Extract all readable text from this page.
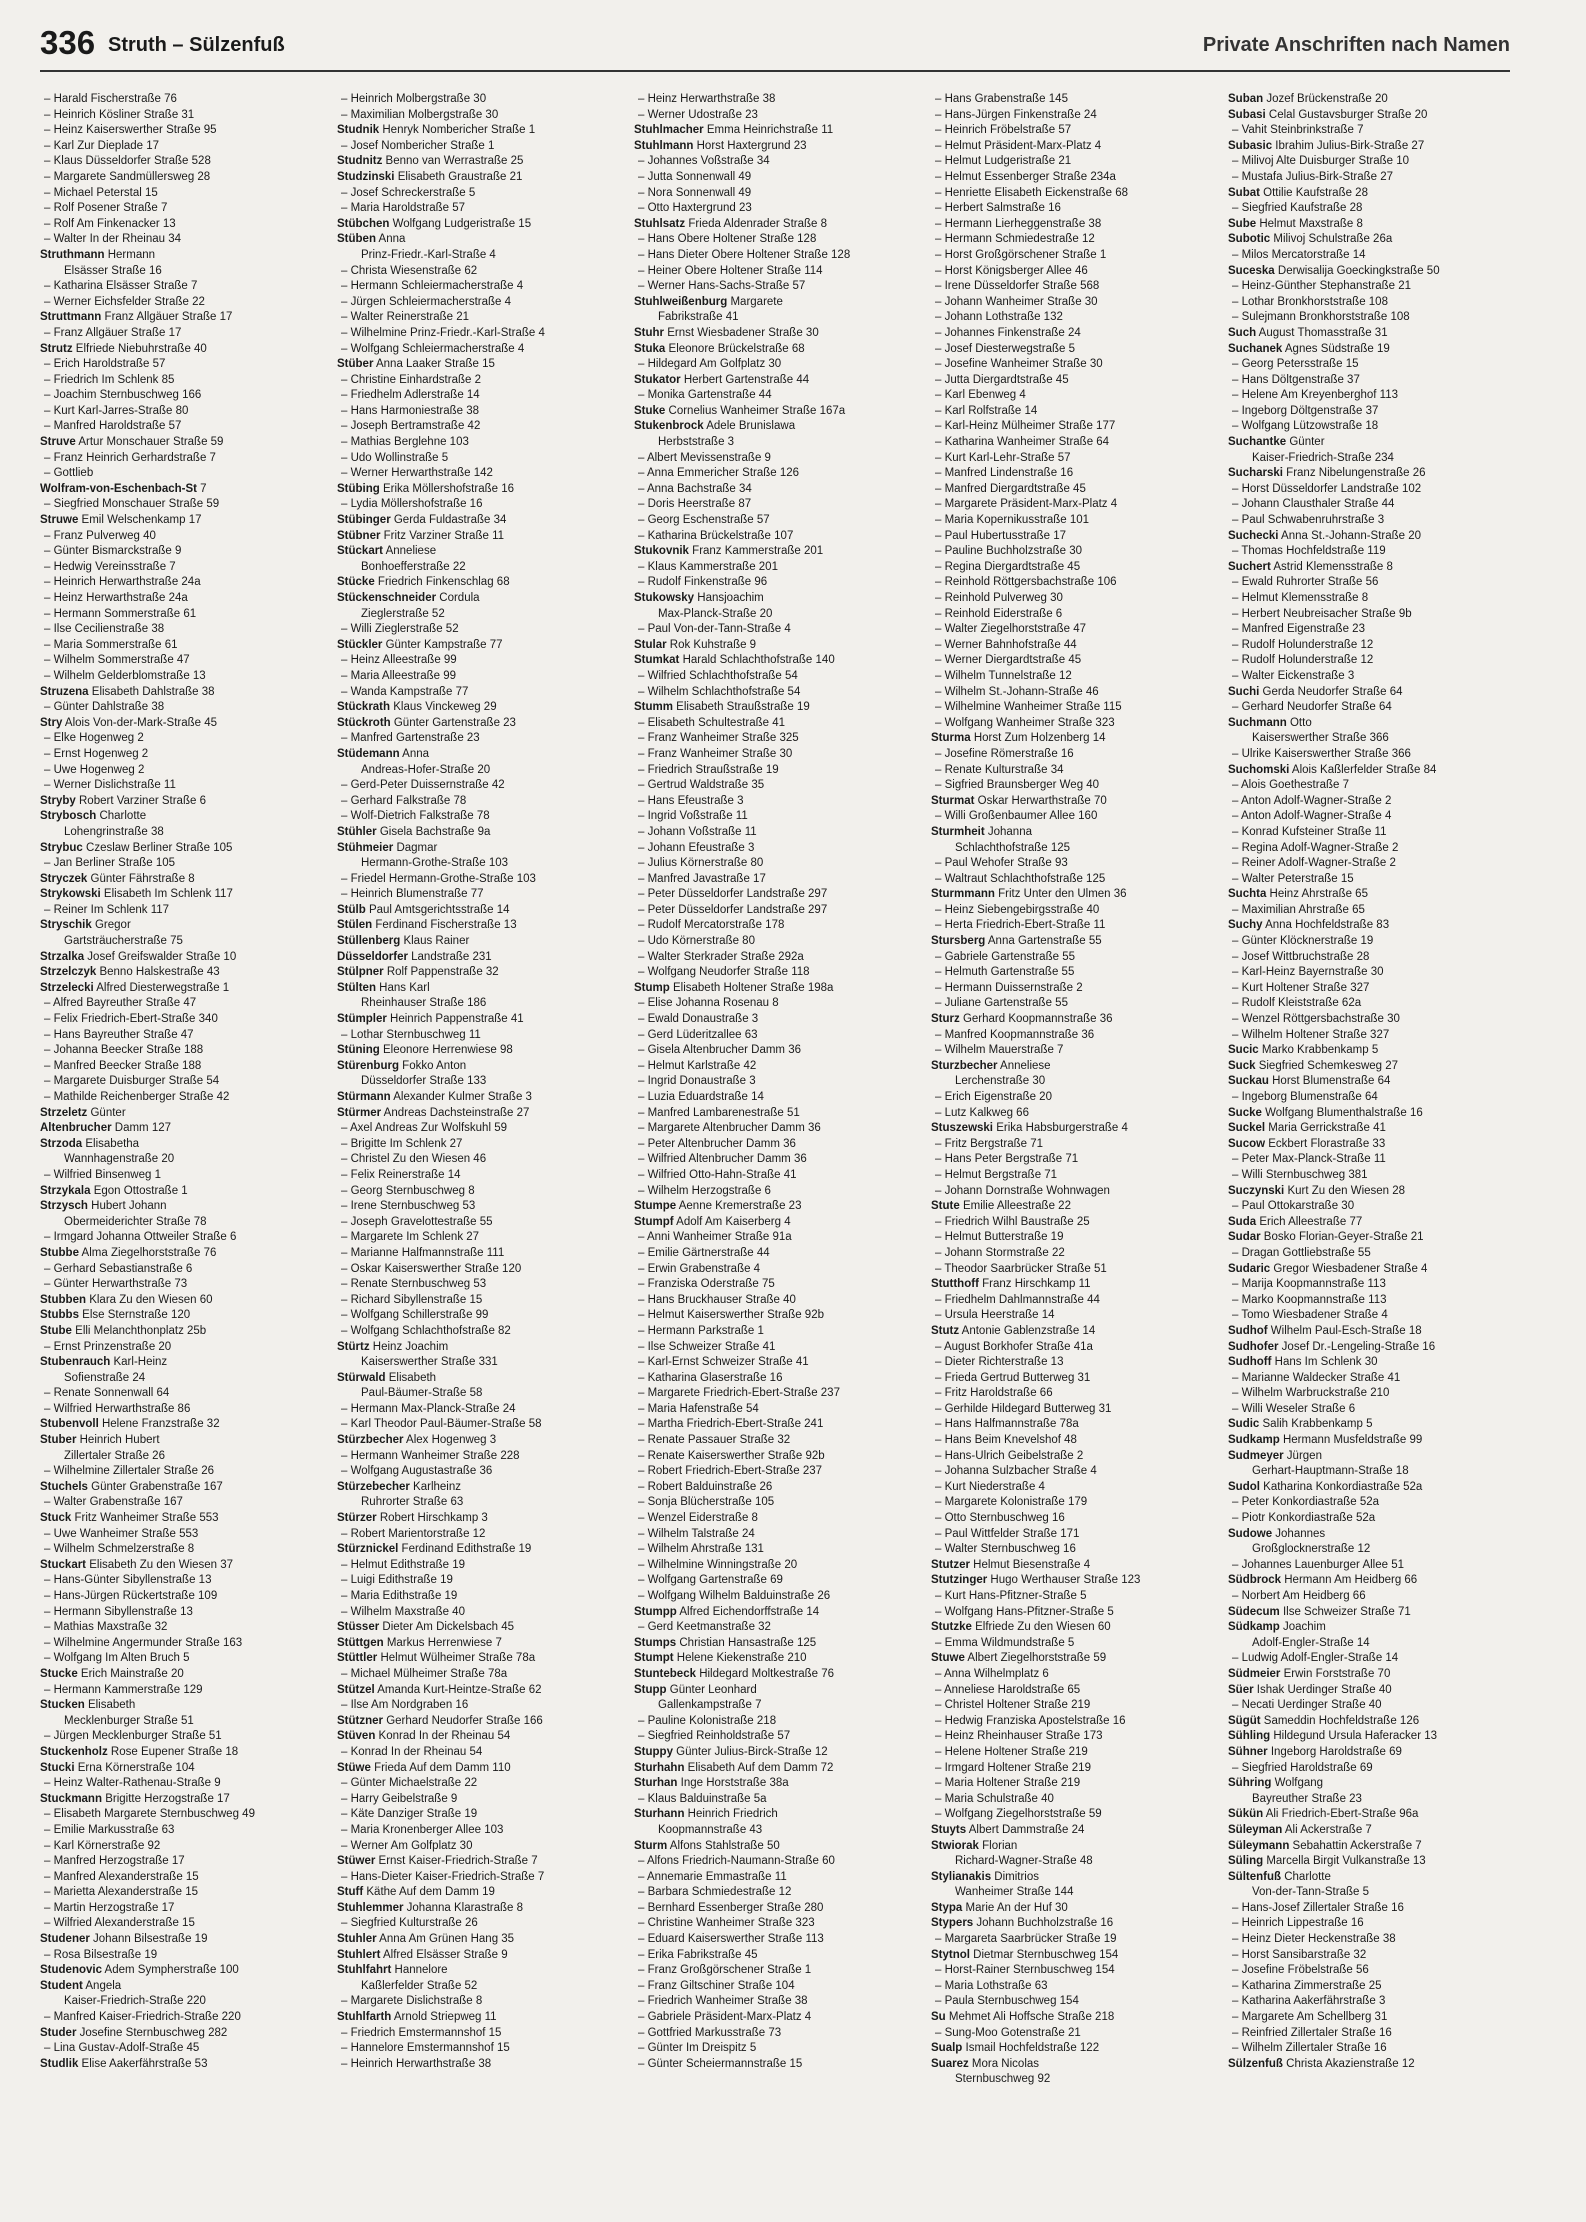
336 Struth – Sülzenfuß	Private Anschriften nach Namen
– Harald Fischerstraße 76
– Heinrich Kösliner Straße 31
– Heinz Kaiserswerther Straße 95
– Karl Zur Dieplade 17
– Klaus Düsseldorfer Straße 528
– Margarete Sandmüllersweg 28
– Michael Peterstal 15
– Rolf Posener Straße 7
– Rolf Am Finkenacker 13
– Walter In der Rheinau 34
Struthmann Hermann
Elsässer Straße 16
– Katharina Elsässer Straße 7
– Werner Eichsfelder Straße 22
Struttmann Franz Allgäuer Straße 17
– Franz Allgäuer Straße 17
Strutz Elfriede Niebuhrstraße 40
– Erich Haroldstraße 57
– Friedrich Im Schlenk 85
– Joachim Sternbuschweg 166
– Kurt Karl-Jarres-Straße 80
– Manfred Haroldstraße 57
Struve Artur Monschauer Straße 59
– Franz Heinrich Gerhardstraße 7
– Gottlieb
Wolfram-von-Eschenbach-St 7
– Siegfried Monschauer Straße 59
Struwe Emil Welschenkamp 17
– Franz Pulverweg 40
– Günter Bismarckstraße 9
– Hedwig Vereinsstraße 7
– Heinrich Herwarthstraße 24a
– Heinz Herwarthstraße 24a
– Hermann Sommerstraße 61
– Ilse Cecilienstraße 38
– Maria Sommerstraße 61
– Wilhelm Sommerstraße 47
– Wilhelm Gelderblomstraße 13
Struzena Elisabeth Dahlstraße 38
– Günter Dahlstraße 38
Stry Alois Von-der-Mark-Straße 45
– Elke Hogenweg 2
– Ernst Hogenweg 2
– Uwe Hogenweg 2
– Werner Dislichstraße 11
Stryby Robert Varziner Straße 6
Strybosch Charlotte
Lohengrinstraße 38
Strybuc Czeslaw Berliner Straße 105
– Jan Berliner Straße 105
Stryczek Günter Fährstraße 8
Strykowski Elisabeth Im Schlenk 117
– Reiner Im Schlenk 117
Stryschik Gregor
Gartsträucherstraße 75
Strzalka Josef Greifswalder Straße 10
Strzelczyk Benno Halskestraße 43
Strzelecki Alfred Diesterwegstraße 1
– Alfred Bayreuther Straße 47
– Felix Friedrich-Ebert-Straße 340
– Hans Bayreuther Straße 47
– Johanna Beecker Straße 188
– Manfred Beecker Straße 188
– Margarete Duisburger Straße 54
– Mathilde Reichenberger Straße 42
Strzeletz Günter
Altenbrucher Damm 127
Strzoda Elisabetha
Wannhagenstraße 20
– Wilfried Binsenweg 1
Strzykala Egon Ottostraße 1
Strzysch Hubert Johann
Obermeiderichter Straße 78
– Irmgard Johanna Ottweiler Straße 6
Stubbe Alma Ziegelhorststraße 76
– Gerhard Sebastianstraße 6
– Günter Herwarthstraße 73
Stubben Klara Zu den Wiesen 60
Stubbs Else Sternstraße 120
Stube Elli Melanchthonplatz 25b
– Ernst Prinzenstraße 20
Stubenrauch Karl-Heinz
Sofienstraße 24
– Renate Sonnenwall 64
– Wilfried Herwarthstraße 86
Stubenvoll Helene Franzstraße 32
Stuber Heinrich Hubert
Zillertaler Straße 26
– Wilhelmine Zillertaler Straße 26
Stuchels Günter Grabenstraße 167
– Walter Grabenstraße 167
Stuck Fritz Wanheimer Straße 553
– Uwe Wanheimer Straße 553
– Wilhelm Schmelzerstraße 8
Stuckart Elisabeth Zu den Wiesen 37
– Hans-Günter Sibyllenstraße 13
– Hans-Jürgen Rückertstraße 109
– Hermann Sibyllenstraße 13
– Mathias Maxstraße 32
– Wilhelmine Angermunder Straße 163
– Wolfgang Im Alten Bruch 5
Stucke Erich Mainstraße 20
– Hermann Kammerstraße 129
Stucken Elisabeth
Mecklenburger Straße 51
– Jürgen Mecklenburger Straße 51
Stuckenholz Rose Eupener Straße 18
Stucki Erna Körnerstraße 104
– Heinz Walter-Rathenau-Straße 9
Stuckmann Brigitte Herzogstraße 17
– Elisabeth Margarete Sternbuschweg 49
– Emilie Markusstraße 63
– Karl Körnerstraße 92
– Manfred Herzogstraße 17
– Manfred Alexanderstraße 15
– Marietta Alexanderstraße 15
– Martin Herzogstraße 17
– Wilfried Alexanderstraße 15
Studener Johann Bilsestraße 19
– Rosa Bilsestraße 19
Studenovic Adem Sympherstraße 100
Student Angela
Kaiser-Friedrich-Straße 220
– Manfred Kaiser-Friedrich-Straße 220
Studer Josefine Sternbuschweg 282
– Lina Gustav-Adolf-Straße 45
Studlik Elise Aakerfährstraße 53
– Heinrich Molbergstraße 30
– Maximilian Molbergstraße 30
Studnik Henryk Nombericher Straße 1
– Josef Nombericher Straße 1
Studnitz Benno van Werrastraße 25
Studzinski Elisabeth Graustraße 21
– Josef Schreckerstraße 5
– Maria Haroldstraße 57
Stübchen Wolfgang Ludgeristraße 15
Stüben Anna
Prinz-Friedr.-Karl-Straße 4
– Christa Wiesenstraße 62
– Hermann Schleiermacherstraße 4
– Jürgen Schleiermacherstraße 4
– Walter Reinerstraße 21
– Wilhelmine Prinz-Friedr.-Karl-Straße 4
– Wolfgang Schleiermacherstraße 4
Stüber Anna Laaker Straße 15
– Christine Einhardstraße 2
– Friedhelm Adlerstraße 14
– Hans Harmoniestraße 38
– Joseph Bertramstraße 42
– Mathias Berglehne 103
– Udo Wollinstraße 5
– Werner Herwarthstraße 142
Stübing Erika Möllershofstraße 16
– Lydia Möllershofstraße 16
Stübinger Gerda Fuldastraße 34
Stübner Fritz Varziner Straße 11
Stückart Anneliese
Bonhoefferstraße 22
Stücke Friedrich Finkenschlag 68
Stückenschneider Cordula
Zieglerstraße 52
– Willi Zieglerstraße 52
Stückler Günter Kampstraße 77
– Heinz Alleestraße 99
– Maria Alleestraße 99
– Wanda Kampstraße 77
Stückrath Klaus Vinckeweg 29
Stückroth Günter Gartenstraße 23
– Manfred Gartenstraße 23
Stüdemann Anna
Andreas-Hofer-Straße 20
– Gerd-Peter Duissernstraße 42
– Gerhard Falkstraße 78
– Wolf-Dietrich Falkstraße 78
Stühler Gisela Bachstraße 9a
Stühmeier Dagmar
Hermann-Grothe-Straße 103
– Friedel Hermann-Grothe-Straße 103
– Heinrich Blumenstraße 77
Stülb Paul Amtsgerichtsstraße 14
Stülen Ferdinand Fischerstraße 13
Stüllenberg Klaus Rainer
Düsseldorfer Landstraße 231
Stülpner Rolf Pappenstraße 32
Stülten Hans Karl
Rheinhauser Straße 186
Stümpler Heinrich Pappenstraße 41
– Lothar Sternbuschweg 11
Stüning Eleonore Herrenwiese 98
Stürenburg Fokko Anton
Düsseldorfer Straße 133
Stürmann Alexander Kulmer Straße 3
Stürmer Andreas Dachsteinstraße 27
– Axel Andreas Zur Wolfskuhl 59
– Brigitte Im Schlenk 27
– Christel Zu den Wiesen 46
– Felix Reinerstraße 14
– Georg Sternbuschweg 8
– Irene Sternbuschweg 53
– Joseph Gravelottestraße 55
– Margarete Im Schlenk 27
– Marianne Halfmannstraße 111
– Oskar Kaiserswerther Straße 120
– Renate Sternbuschweg 53
– Richard Sibyllenstraße 15
– Wolfgang Schillerstraße 99
– Wolfgang Schlachthofstraße 82
Stürtz Heinz Joachim
Kaiserswerther Straße 331
Stürwald Elisabeth
Paul-Bäumer-Straße 58
– Hermann Max-Planck-Straße 24
– Karl Theodor Paul-Bäumer-Straße 58
Stürzbecher Alex Hogenweg 3
– Hermann Wanheimer Straße 228
– Wolfgang Augustastraße 36
Stürzebecher Karlheinz
Ruhrorter Straße 63
Stürzer Robert Hirschkamp 3
– Robert Marientorstraße 12
Stürznickel Ferdinand Edithstraße 19
– Helmut Edithstraße 19
– Luigi Edithstraße 19
– Maria Edithstraße 19
– Wilhelm Maxstraße 40
Stüsser Dieter Am Dickelsbach 45
Stüttgen Markus Herrenwiese 7
Stüttler Helmut Wülheimer Straße 78a
– Michael Mülheimer Straße 78a
Stützel Amanda Kurt-Heintze-Straße 62
– Ilse Am Nordgraben 16
Stützner Gerhard Neudorfer Straße 166
Stüven Konrad In der Rheinau 54
– Konrad In der Rheinau 54
Stüwe Frieda Auf dem Damm 110
– Günter Michaelstraße 22
– Harry Geibelstraße 9
– Käte Danziger Straße 19
– Maria Kronenberger Allee 103
– Werner Am Golfplatz 30
Stüwer Ernst Kaiser-Friedrich-Straße 7
– Hans-Dieter Kaiser-Friedrich-Straße 7
Stuff Käthe Auf dem Damm 19
Stuhlemmer Johanna Klarastraße 8
– Siegfried Kulturstraße 26
Stuhler Anna Am Grünen Hang 35
Stuhlert Alfred Elsässer Straße 9
Stuhlfahrt Hannelore
Kaßlerfelder Straße 52
– Margarete Dislichstraße 8
Stuhlfarth Arnold Striepweg 11
– Friedrich Emstermannshof 15
– Hannelore Emstermannshof 15
– Heinrich Herwarthstraße 38
– Heinz Herwarthstraße 38
– Werner Udostraße 23
Stuhlmacher Emma Heinrichstraße 11
Stuhlmann Horst Haxtergrund 23
– Johannes Voßstraße 34
– Jutta Sonnenwall 49
– Nora Sonnenwall 49
– Otto Haxtergrund 23
Stuhlsatz Frieda Aldenrader Straße 8
– Hans Obere Holtener Straße 128
– Hans Dieter Obere Holtener Straße 128
– Heiner Obere Holtener Straße 114
– Werner Hans-Sachs-Straße 57
Stuhlweißenburg Margarete
Fabrikstraße 41
Stuhr Ernst Wiesbadener Straße 30
Stuka Eleonore Brückelstraße 68
– Hildegard Am Golfplatz 30
Stukator Herbert Gartenstraße 44
– Monika Gartenstraße 44
Stuke Cornelius Wanheimer Straße 167a
Stukenbrock Adele Brunislawa
Herbststraße 3
– Albert Mevissenstraße 9
– Anna Emmericher Straße 126
– Anna Bachstraße 34
– Doris Heerstraße 87
– Georg Eschenstraße 57
– Katharina Brückelstraße 107
Stukovnik Franz Kammerstraße 201
– Klaus Kammerstraße 201
– Rudolf Finkenstraße 96
Stukowsky Hansjoachim
Max-Planck-Straße 20
– Paul Von-der-Tann-Straße 4
Stular Rok Kuhstraße 9
Stumkat Harald Schlachthofstraße 140
– Wilfried Schlachthofstraße 54
– Wilhelm Schlachthofstraße 54
Stumm Elisabeth Straußstraße 19
– Elisabeth Schultestraße 41
– Franz Wanheimer Straße 325
– Franz Wanheimer Straße 30
– Friedrich Straußstraße 19
– Gertrud Waldstraße 35
– Hans Efeustraße 3
– Ingrid Voßstraße 11
– Johann Voßstraße 11
– Johann Efeustraße 3
– Julius Körnerstraße 80
– Manfred Javastraße 17
– Peter Düsseldorfer Landstraße 297
– Peter Düsseldorfer Landstraße 297
– Rudolf Mercatorstraße 178
– Udo Körnerstraße 80
– Walter Sterkrader Straße 292a
– Wolfgang Neudorfer Straße 118
Stump Elisabeth Holtener Straße 198a
– Elise Johanna Rosenau 8
– Ewald Donaustraße 3
– Gerd Lüderitzallee 63
– Gisela Altenbrucher Damm 36
– Helmut Karlstraße 42
– Ingrid Donaustraße 3
– Luzia Eduardstraße 14
– Manfred Lambarenestraße 51
– Margarete Altenbrucher Damm 36
– Peter Altenbrucher Damm 36
– Wilfried Altenbrucher Damm 36
– Wilfried Otto-Hahn-Straße 41
– Wilhelm Herzogstraße 6
Stumpe Aenne Kremerstraße 23
Stumpf Adolf Am Kaiserberg 4
– Anni Wanheimer Straße 91a
– Emilie Gärtnerstraße 44
– Erwin Grabenstraße 4
– Franziska Oderstraße 75
– Hans Bruckhauser Straße 40
– Helmut Kaiserswerther Straße 92b
– Hermann Parkstraße 1
– Ilse Schweizer Straße 41
– Karl-Ernst Schweizer Straße 41
– Katharina Glaserstraße 16
– Margarete Friedrich-Ebert-Straße 237
– Maria Hafenstraße 54
– Martha Friedrich-Ebert-Straße 241
– Renate Passauer Straße 32
– Renate Kaiserswerther Straße 92b
– Robert Friedrich-Ebert-Straße 237
– Robert Balduinstraße 26
– Sonja Blücherstraße 105
– Wenzel Eiderstraße 8
– Wilhelm Talstraße 24
– Wilhelm Ahrstraße 131
– Wilhelmine Winningstraße 20
– Wolfgang Gartenstraße 69
– Wolfgang Wilhelm Balduinstraße 26
Stumpp Alfred Eichendorffstraße 14
– Gerd Keetmanstraße 32
Stumps Christian Hansastraße 125
Stumpt Helene Kiekenstraße 210
Stuntebeck Hildegard Moltkestraße 76
Stupp Günter Leonhard
Gallenkampstraße 7
– Pauline Kolonistraße 218
– Siegfried Reinholdstraße 57
Stuppy Günter Julius-Birck-Straße 12
Sturhahn Elisabeth Auf dem Damm 72
Sturhan Inge Horststraße 38a
– Klaus Balduinstraße 5a
Sturhann Heinrich Friedrich
Koopmannstraße 43
Sturm Alfons Stahlstraße 50
– Alfons Friedrich-Naumann-Straße 60
– Annemarie Emmastraße 11
– Barbara Schmiedestraße 12
– Bernhard Essenberger Straße 280
– Christine Wanheimer Straße 323
– Eduard Kaiserswerther Straße 113
– Erika Fabrikstraße 45
– Franz Großgörschener Straße 1
– Franz Giltschiner Straße 104
– Friedrich Wanheimer Straße 38
– Gabriele Präsident-Marx-Platz 4
– Gottfried Markusstraße 73
– Günter Im Dreispitz 5
– Günter Scheiermannstraße 15
– Hans Grabenstraße 145
– Hans-Jürgen Finkenstraße 24
– Heinrich Fröbelstraße 57
– Helmut Präsident-Marx-Platz 4
– Helmut Ludgeristraße 21
– Helmut Essenberger Straße 234a
– Henriette Elisabeth Eickenstraße 68
– Herbert Salmstraße 16
– Hermann Lierheggenstraße 38
– Hermann Schmiedestraße 12
– Horst Großgörschener Straße 1
– Horst Königsberger Allee 46
– Irene Düsseldorfer Straße 568
– Johann Wanheimer Straße 30
– Johann Lothstraße 132
– Johannes Finkenstraße 24
– Josef Diesterwegstraße 5
– Josefine Wanheimer Straße 30
– Jutta Diergardtstraße 45
– Karl Ebenweg 4
– Karl Rolfstraße 14
– Karl-Heinz Mülheimer Straße 177
– Katharina Wanheimer Straße 64
– Kurt Karl-Lehr-Straße 57
– Manfred Lindenstraße 16
– Manfred Diergardtstraße 45
– Margarete Präsident-Marx-Platz 4
– Maria Kopernikusstraße 101
– Paul Hubertusstraße 17
– Pauline Buchholzstraße 30
– Regina Diergardtstraße 45
– Reinhold Röttgersbachstraße 106
– Reinhold Pulverweg 30
– Reinhold Eiderstraße 6
– Walter Ziegelhorststraße 47
– Werner Bahnhofstraße 44
– Werner Diergardtstraße 45
– Wilhelm Tunnelstraße 12
– Wilhelm St.-Johann-Straße 46
– Wilhelmine Wanheimer Straße 115
– Wolfgang Wanheimer Straße 323
Sturma Horst Zum Holzenberg 14
– Josefine Römerstraße 16
– Renate Kulturstraße 34
– Sigfried Braunsberger Weg 40
Sturmat Oskar Herwarthstraße 70
– Willi Großenbaumer Allee 160
Sturmheit Johanna
Schlachthofstraße 125
– Paul Wehofer Straße 93
– Waltraut Schlachthofstraße 125
Sturmmann Fritz Unter den Ulmen 36
– Heinz Siebengebirgsstraße 40
– Herta Friedrich-Ebert-Straße 11
Stursberg Anna Gartenstraße 55
– Gabriele Gartenstraße 55
– Helmuth Gartenstraße 55
– Hermann Duissernstraße 2
– Juliane Gartenstraße 55
Sturz Gerhard Koopmannstraße 36
– Manfred Koopmannstraße 36
– Wilhelm Mauerstraße 7
Sturzbecher Anneliese
Lerchenstraße 30
– Erich Eigenstraße 20
– Lutz Kalkweg 66
Stuszewski Erika Habsburgerstraße 4
– Fritz Bergstraße 71
– Hans Peter Bergstraße 71
– Helmut Bergstraße 71
– Johann Dornstraße Wohnwagen
Stute Emilie Alleestraße 22
– Friedrich Wilhl Baustraße 25
– Helmut Butterstraße 19
– Johann Stormstraße 22
– Theodor Saarbrücker Straße 51
Stutthoff Franz Hirschkamp 11
– Friedhelm Dahlmannstraße 44
– Ursula Heerstraße 14
Stutz Antonie Gablenzstraße 14
– August Borkhofer Straße 41a
– Dieter Richterstraße 13
– Frieda Gertrud Butterweg 31
– Fritz Haroldstraße 66
– Gerhilde Hildegard Butterweg 31
– Hans Halfmannstraße 78a
– Hans Beim Knevelshof 48
– Hans-Ulrich Geibelstraße 2
– Johanna Sulzbacher Straße 4
– Kurt Niederstraße 4
– Margarete Kolonistraße 179
– Otto Sternbuschweg 16
– Paul Wittfelder Straße 171
– Walter Sternbuschweg 16
Stutzer Helmut Biesenstraße 4
Stutzinger Hugo Werthauser Straße 123
– Kurt Hans-Pfitzner-Straße 5
– Wolfgang Hans-Pfitzner-Straße 5
Stutzke Elfriede Zu den Wiesen 60
– Emma Wildmundstraße 5
Stuwe Albert Ziegelhorststraße 59
– Anna Wilhelmplatz 6
– Anneliese Haroldstraße 65
– Christel Holtener Straße 219
– Hedwig Franziska Apostelstraße 16
– Heinz Rheinhauser Straße 173
– Helene Holtener Straße 219
– Irmgard Holtener Straße 219
– Maria Holtener Straße 219
– Maria Schulstraße 40
– Wolfgang Ziegelhorststraße 59
Stuyts Albert Dammstraße 24
Stwiorak Florian
Richard-Wagner-Straße 48
Stylianakis Dimitrios
Wanheimer Straße 144
Stypa Marie An der Huf 30
Stypers Johann Buchholzstraße 16
– Margareta Saarbrücker Straße 19
Stytnol Dietmar Sternbuschweg 154
– Horst-Rainer Sternbuschweg 154
– Maria Lothstraße 63
– Paula Sternbuschweg 154
Su Mehmet Ali Hoffsche Straße 218
– Sung-Moo Gotenstraße 21
Sualp Ismail Hochfeldstraße 122
Suarez Mora Nicolas
Sternbuschweg 92
Suban Jozef Brückenstraße 20
Subasi Celal Gustavsburger Straße 20
– Vahit Steinbrinkstraße 7
Subasic Ibrahim Julius-Birk-Straße 27
– Milivoj Alte Duisburger Straße 10
– Mustafa Julius-Birk-Straße 27
Subat Ottilie Kaufstraße 28
– Siegfried Kaufstraße 28
Sube Helmut Maxstraße 8
Subotic Milivoj Schulstraße 26a
– Milos Mercatorstraße 14
Suceska Derwisalija Goeckingkstraße 50
– Heinz-Günther Stephanstraße 21
– Lothar Bronkhorststraße 108
– Sulejmann Bronkhorststraße 108
Such August Thomasstraße 31
Suchanek Agnes Südstraße 19
– Georg Petersstraße 15
– Hans Döltgenstraße 37
– Helene Am Kreyenberghof 113
– Ingeborg Döltgenstraße 37
– Wolfgang Lützowstraße 18
Suchantke Günter
Kaiser-Friedrich-Straße 234
Sucharski Franz Nibelungenstraße 26
– Horst Düsseldorfer Landstraße 102
– Johann Clausthaler Straße 44
– Paul Schwabenruhrstraße 3
Suchecki Anna St.-Johann-Straße 20
– Thomas Hochfeldstraße 119
Suchert Astrid Klemensstraße 8
– Ewald Ruhrorter Straße 56
– Helmut Klemensstraße 8
– Herbert Neubreisacher Straße 9b
– Manfred Eigenstraße 23
– Rudolf Holunderstraße 12
– Rudolf Holunderstraße 12
– Walter Eickenstraße 3
Suchi Gerda Neudorfer Straße 64
– Gerhard Neudorfer Straße 64
Suchmann Otto
Kaiserswerther Straße 366
– Ulrike Kaiserswerther Straße 366
Suchomski Alois Kaßlerfelder Straße 84
– Alois Goethestraße 7
– Anton Adolf-Wagner-Straße 2
– Anton Adolf-Wagner-Straße 4
– Konrad Kufsteiner Straße 11
– Regina Adolf-Wagner-Straße 2
– Reiner Adolf-Wagner-Straße 2
– Walter Peterstraße 15
Suchta Heinz Ahrstraße 65
– Maximilian Ahrstraße 65
Suchy Anna Hochfeldstraße 83
– Günter Klöcknerstraße 19
– Josef Wittbruchstraße 28
– Karl-Heinz Bayernstraße 30
– Kurt Holtener Straße 327
– Rudolf Kleiststraße 62a
– Wenzel Röttgersbachstraße 30
– Wilhelm Holtener Straße 327
Sucic Marko Krabbenkamp 5
Suck Siegfried Schemkesweg 27
Suckau Horst Blumenstraße 64
– Ingeborg Blumenstraße 64
Sucke Wolfgang Blumenthalstraße 16
Suckel Maria Gerrickstraße 41
Sucow Eckbert Florastraße 33
– Peter Max-Planck-Straße 11
– Willi Sternbuschweg 381
Suczynski Kurt Zu den Wiesen 28
– Paul Ottokarstraße 30
Suda Erich Alleestraße 77
Sudar Bosko Florian-Geyer-Straße 21
– Dragan Gottliebstraße 55
Sudaric Gregor Wiesbadener Straße 4
– Marija Koopmannstraße 113
– Marko Koopmannstraße 113
– Tomo Wiesbadener Straße 4
Sudhof Wilhelm Paul-Esch-Straße 18
Sudhofer Josef Dr.-Lengeling-Straße 16
Sudhoff Hans Im Schlenk 30
– Marianne Waldecker Straße 41
– Wilhelm Warbruckstraße 210
– Willi Weseler Straße 6
Sudic Salih Krabbenkamp 5
Sudkamp Hermann Musfeldstraße 99
Sudmeyer Jürgen
Gerhart-Hauptmann-Straße 18
Sudol Katharina Konkordiastraße 52a
– Peter Konkordiastraße 52a
– Piotr Konkordiastraße 52a
Sudowe Johannes
Großglocknerstraße 12
– Johannes Lauenburger Allee 51
Südbrock Hermann Am Heidberg 66
– Norbert Am Heidberg 66
Südecum Ilse Schweizer Straße 71
Südkamp Joachim
Adolf-Engler-Straße 14
– Ludwig Adolf-Engler-Straße 14
Südmeier Erwin Forststraße 70
Süer Ishak Uerdinger Straße 40
– Necati Uerdinger Straße 40
Sügüt Sameddin Hochfeldstraße 126
Sühling Hildegund Ursula Haferacker 13
Sühner Ingeborg Haroldstraße 69
– Siegfried Haroldstraße 69
Sühring Wolfgang
Bayreuther Straße 23
Sükün Ali Friedrich-Ebert-Straße 96a
Süleyman Ali Ackerstraße 7
Süleymann Sebahattin Ackerstraße 7
Süling Marcella Birgit Vulkanstraße 13
Sültenfuß Charlotte
Von-der-Tann-Straße 5
– Hans-Josef Zillertaler Straße 16
– Heinrich Lippestraße 16
– Heinz Dieter Heckenstraße 38
– Horst Sansibarstraße 32
– Josefine Fröbelstraße 56
– Katharina Zimmerstraße 25
– Katharina Aakerfährstraße 3
– Margarete Am Schellberg 31
– Reinfried Zillertaler Straße 16
– Wilhelm Zillertaler Straße 16
Sülzenfuß Christa Akazienstraße 12
